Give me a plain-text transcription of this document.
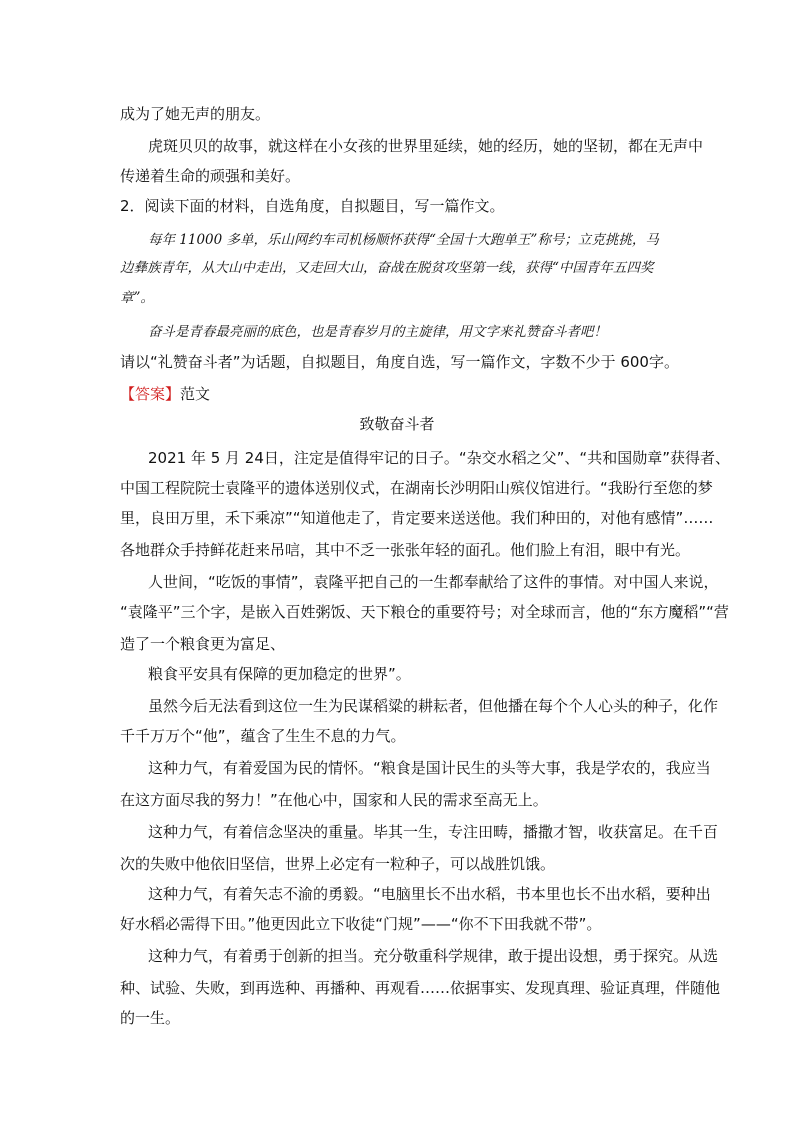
成为了她无声的朋友。
虎斑贝贝的故事，就这样在小女孩的世界里延续，她的经历，她的坚韧，都在无声中
传递着生命的顽强和美好。
2．阅读下面的材料，自选角度，自拟题目，写一篇作文。
每年 11000 多单，乐山网约车司机杨顺怀获得“全国十大跑单王”称号；立克挑挑，马
边彝族青年，从大山中走出，又走回大山，奋战在脱贫攻坚第一线，获得“中国青年五四奖
章”。
奋斗是青春最亮丽的底色，也是青春岁月的主旋律，用文字来礼赞奋斗者吧！
请以“礼赞奋斗者”为话题，自拟题目，角度自选，写一篇作文，字数不少于 600字。
【答案】范文
致敬奋斗者
2021 年 5 月 24日，注定是值得牢记的日子。“杂交水稻之父”、“共和国勋章”获得者、
中国工程院院士袁隆平的遗体送别仪式，在湖南长沙明阳山殡仪馆进行。“我盼行至您的梦
里，良田万里，禾下乘凉”“知道他走了，肯定要来送送他。我们种田的，对他有感情”……
各地群众手持鲜花赶来吊唁，其中不乏一张张年轻的面孔。他们脸上有泪，眼中有光。
人世间，“吃饭的事情”，袁隆平把自己的一生都奉献给了这件的事情。对中国人来说，
“袁隆平”三个字，是嵌入百姓粥饭、天下粮仓的重要符号；对全球而言，他的“东方魔稻”“营
造了一个粮食更为富足、
粮食平安具有保障的更加稳定的世界”。
虽然今后无法看到这位一生为民谋稻粱的耕耘者，但他播在每个个人心头的种子，化作
千千万万个“他”，蕴含了生生不息的力气。
这种力气，有着爱国为民的情怀。“粮食是国计民生的头等大事，我是学农的，我应当
在这方面尽我的努力！”在他心中，国家和人民的需求至高无上。
这种力气，有着信念坚决的重量。毕其一生，专注田畴，播撒才智，收获富足。在千百
次的失败中他依旧坚信，世界上必定有一粒种子，可以战胜饥饿。
这种力气，有着矢志不渝的勇毅。“电脑里长不出水稻，书本里也长不出水稻，要种出
好水稻必需得下田。”他更因此立下收徒“门规”——“你不下田我就不带”。
这种力气，有着勇于创新的担当。充分敬重科学规律，敢于提出设想，勇于探究。从选
种、试验、失败，到再选种、再播种、再观看……依据事实、发现真理、验证真理，伴随他
的一生。
